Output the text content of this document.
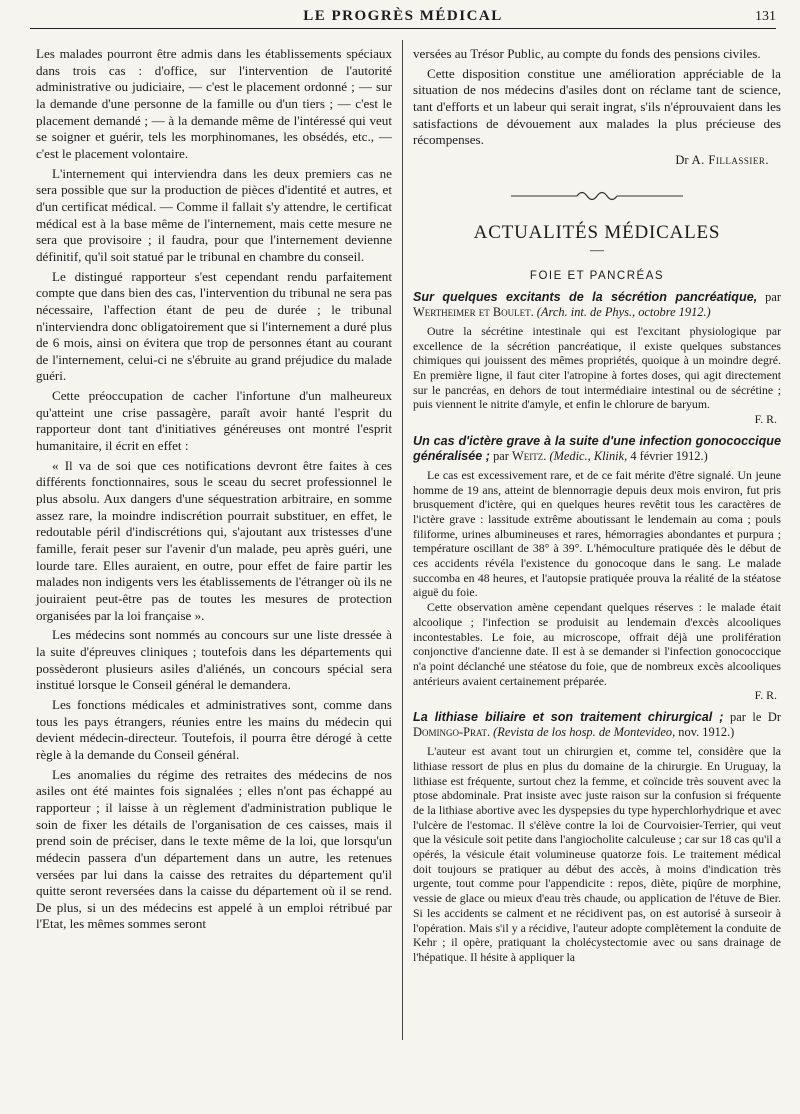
LE PROGRÈS MÉDICAL	131

Les malades pourront être admis dans les établissements spéciaux dans trois cas : d'office, sur l'intervention de l'autorité administrative ou judiciaire, — c'est le placement ordonné ; — sur la demande d'une personne de la famille ou d'un tiers ; — c'est le placement demandé ; — à la demande même de l'intéressé qui veut se soigner et guérir, tels les morphinomanes, les obsédés, etc., — c'est le placement volontaire.

L'internement qui interviendra dans les deux premiers cas ne sera possible que sur la production de pièces d'identité et autres, et d'un certificat médical. — Comme il fallait s'y attendre, le certificat médical est à la base même de l'internement, mais cette mesure ne sera que provisoire ; il faudra, pour que l'internement devienne définitif, qu'il soit statué par le tribunal en chambre du conseil.

Le distingué rapporteur s'est cependant rendu parfaitement compte que dans bien des cas, l'intervention du tribunal ne sera pas nécessaire, l'affection étant de peu de durée ; le tribunal n'interviendra donc obligatoirement que si l'internement a duré plus de 6 mois, ainsi on évitera que trop de personnes étant au courant de l'internement, celui-ci ne s'ébruite au grand préjudice du malade guéri.

Cette préoccupation de cacher l'infortune d'un malheureux qu'atteint une crise passagère, paraît avoir hanté l'esprit du rapporteur dont tant d'initiatives généreuses ont montré l'esprit humanitaire, il écrit en effet :

« Il va de soi que ces notifications devront être faites à ces différents fonctionnaires, sous le sceau du secret professionnel le plus absolu. Aux dangers d'une séquestration arbitraire, en somme assez rare, la moindre indiscrétion pourrait substituer, en effet, le redoutable péril d'indiscrétions qui, s'ajoutant aux tristesses d'une famille, ferait peser sur l'avenir d'un malade, peu après guéri, une lourde tare. Elles auraient, en outre, pour effet de faire partir les malades non indigents vers les établissements de l'étranger où ils ne jouiraient peut-être pas de toutes les mesures de protection organisées par la loi française ».

Les médecins sont nommés au concours sur une liste dressée à la suite d'épreuves cliniques ; toutefois dans les départements qui possèderont plusieurs asiles d'aliénés, un concours spécial sera institué lorsque le Conseil général le demandera.

Les fonctions médicales et administratives sont, comme dans tous les pays étrangers, réunies entre les mains du médecin qui devient médecin-directeur. Toutefois, il pourra être dérogé à cette règle à la demande du Conseil général.

Les anomalies du régime des retraites des médecins de nos asiles ont été maintes fois signalées ; elles n'ont pas échappé au rapporteur ; il laisse à un règlement d'administration publique le soin de fixer les détails de l'organisation de ces caisses, mais il prend soin de préciser, dans le texte même de la loi, que lorsqu'un médecin passera d'un département dans un autre, les retenues versées par lui dans la caisse des retraites du département qu'il quitte seront reversées dans la caisse du département où il se rend. De plus, si un des médecins est appelé à un emploi rétribué par l'Etat, les mêmes sommes seront

versées au Trésor Public, au compte du fonds des pensions civiles.

Cette disposition constitue une amélioration appréciable de la situation de nos médecins d'asiles dont on réclame tant de science, tant d'efforts et un labeur qui serait ingrat, s'ils n'éprouvaient dans les satisfactions de dévouement aux malades la plus précieuse des récompenses.

Dr A. Fillassier.
ACTUALITÉS MÉDICALES
—
FOIE ET PANCRÉAS
Sur quelques excitants de la sécrétion pancréatique, par Wertheimer et Boulet. (Arch. int. de Phys., octobre 1912.)

Outre la sécrétine intestinale qui est l'excitant physiologique par excellence de la sécrétion pancréatique, il existe quelques substances chimiques qui jouissent des mêmes propriétés, quoique à un moindre degré. En première ligne, il faut citer l'atropine à fortes doses, qui agit directement sur le pancréas, en dehors de tout intermédiaire intestinal ou de sécrétine ; puis viennent le nitrite d'amyle, et enfin le chlorure de baryum.

F. R.
Un cas d'ictère grave à la suite d'une infection gonococcique généralisée ; par Weitz. (Medic., Klinik, 4 février 1912.)

Le cas est excessivement rare, et de ce fait mérite d'être signalé. Un jeune homme de 19 ans, atteint de blennorragie depuis deux mois environ, fut pris brusquement d'ictère, qui en quelques heures revêtit tous les caractères de l'ictère grave : lassitude extrême aboutissant le lendemain au coma ; pouls filiforme, urines albumineuses et rares, hémorragies abondantes et purpura ; température oscillant de 38° à 39°. L'hémoculture pratiquée dès le début de ces accidents révéla l'existence du gonocoque dans le sang. Le malade succomba en 48 heures, et l'autopsie pratiquée prouva la réalité de la stéatose aiguë du foie.

Cette observation amène cependant quelques réserves : le malade était alcoolique ; l'infection se produisit au lendemain d'excès alcooliques incontestables. Le foie, au microscope, offrait déjà une prolifération conjonctive d'ancienne date. Il est à se demander si l'infection gonococcique n'a point déclanché une stéatose du foie, que de nombreux excès alcooliques antérieurs avaient certainement préparée.

F. R.
La lithiase biliaire et son traitement chirurgical ; par le Dr Domingo-Prat. (Revista de los hosp. de Montevideo, nov. 1912.)

L'auteur est avant tout un chirurgien et, comme tel, considère que la lithiase ressort de plus en plus du domaine de la chirurgie. En Uruguay, la lithiase est fréquente, surtout chez la femme, et coïncide très souvent avec la ptose abdominale. Prat insiste avec juste raison sur la confusion si fréquente de la lithiase abortive avec les dyspepsies du type hyperchlorhydrique et avec l'ulcère de l'estomac. Il s'élève contre la loi de Courvoisier-Terrier, qui veut que la vésicule soit petite dans l'angiocholite calculeuse ; car sur 18 cas qu'il a opérés, la vésicule était volumineuse quatorze fois. Le traitement médical doit toujours se pratiquer au début des accès, à moins d'indication très urgente, tout comme pour l'appendicite : repos, diète, piqûre de morphine, vessie de glace ou mieux d'eau très chaude, ou application de l'étuve de Bier. Si les accidents se calment et ne récidivent pas, on est autorisé à surseoir à l'opération. Mais s'il y a récidive, l'auteur adopte complètement la conduite de Kehr ; il opère, pratiquant la cholécystectomie avec ou sans drainage de l'hépatique. Il hésite à appliquer la
